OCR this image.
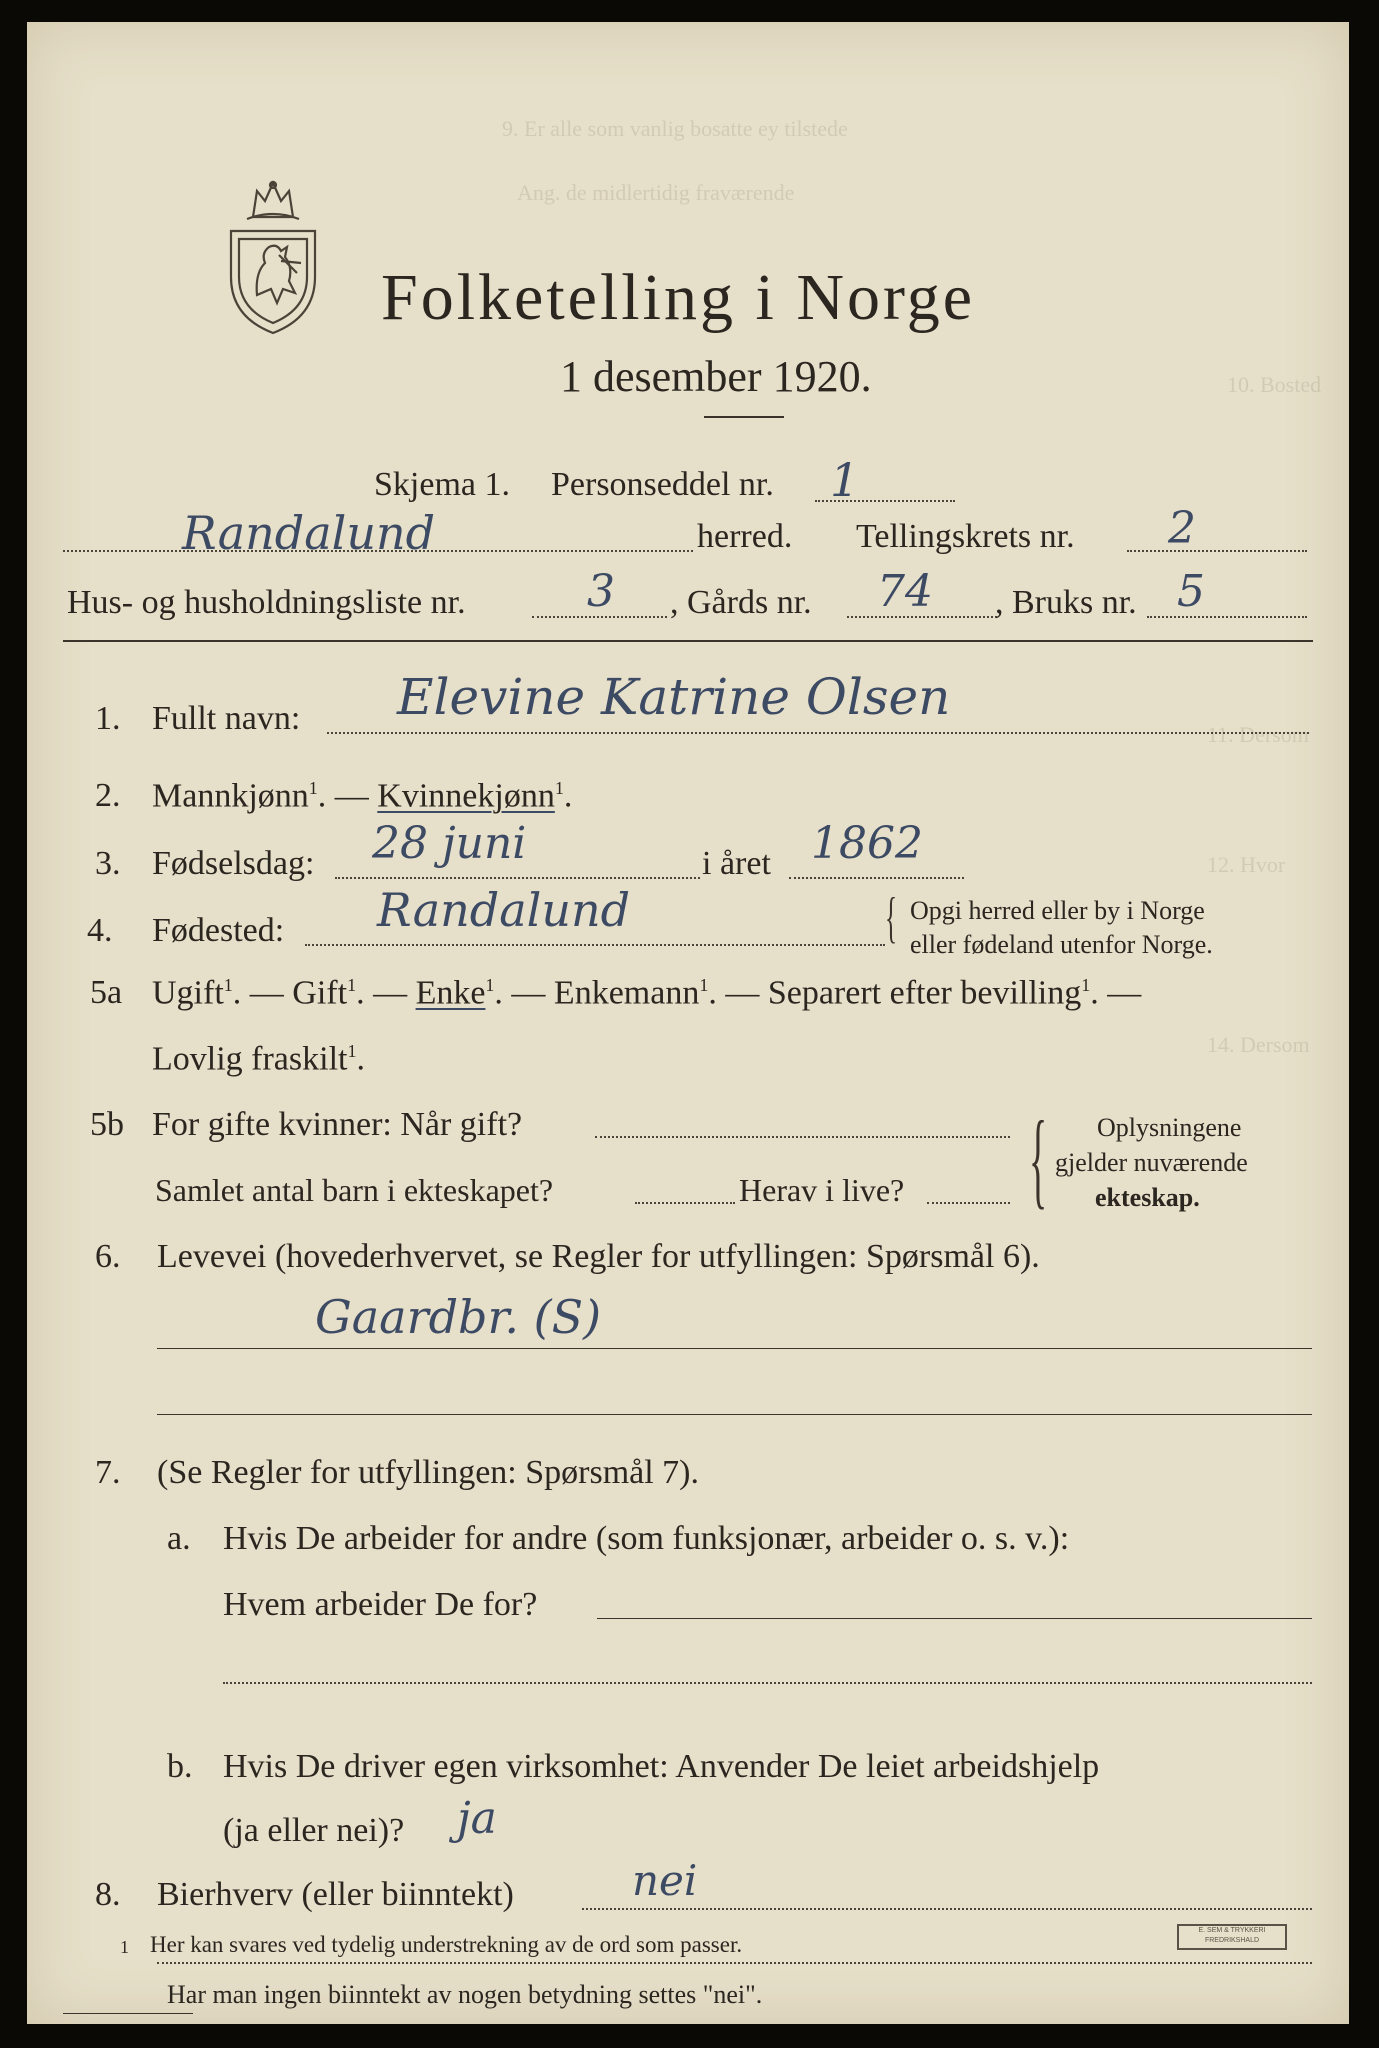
9. Er alle som vanlig bosatte ey tilstede
Ang. de midlertidig fraværende
10. Bosted
11. Dersom
12. Hvor
14. Dersom
Folketelling i Norge
1 desember 1920.
Skjema 1. Personseddel nr. 1
Randalund	herred. Tellingskrets nr. 2
Hus- og husholdningsliste nr.	3 , Gårds nr. 74 , Bruks nr. 5
1. Fullt navn: Elevine Katrine Olsen
2. Mannkjønn$^1$. — Kvinnekjønn$^1$.
3. Fødselsdag: 28 juni	i året 1862
4. Fødested: Randalund	{ Opgi herred eller by i Norge
eller fødeland utenfor Norge.
5a Ugift$^1$. — Gift$^1$. — Enke$^1$. — Enkemann$^1$. — Separert efter bevilling$^1$. —
Lovlig fraskilt$^1$.
5b For gifte kvinner: Når gift?
Samlet antal barn i ekteskapet?	Herav i live? { Oplysningene
gjelder nuværende
ekteskap.
6. Levevei (hovederhvervet, se Regler for utfyllingen: Spørsmål 6).
Gaardbr. (S)
7. (Se Regler for utfyllingen: Spørsmål 7).
a. Hvis De arbeider for andre (som funksjonær, arbeider o. s. v.):
Hvem arbeider De for?
b. Hvis De driver egen virksomhet: Anvender De leiet arbeidshjelp
(ja eller nei)? ja
8. Bierhverv (eller biinntekt)	nei
Har man ingen biinntekt av nogen betydning settes "nei".
1 Her kan svares ved tydelig understrekning av de ord som passer.
E. SEM & TRYKKERI
FREDRIKSHALD
